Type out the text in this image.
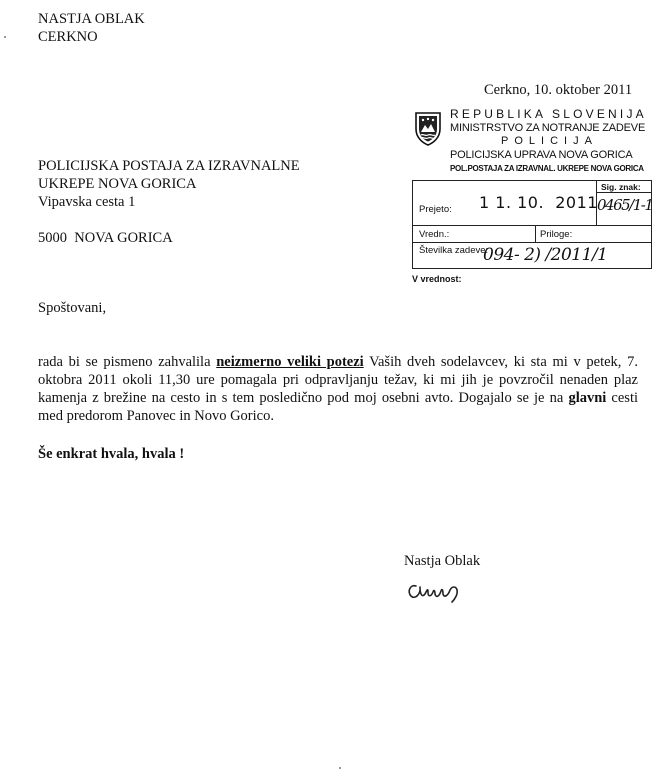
NASTJA OBLAK
CERKNO
Cerkno, 10. oktober 2011
REPUBLIKA SLOVENIJA
MINISTRSTVO ZA NOTRANJE ZADEVE
POLICIJA
POLICIJSKA UPRAVA NOVA GORICA
POL.POSTAJA ZA IZRAVNAL. UKREPE NOVA GORICA
Prejeto: 1 1. 10.  2011
Sig. znak:
0465/1-1
Vredn.:	Priloge:
Številka zadeve:
094- 2) /2011/1
V vrednost:
POLICIJSKA POSTAJA ZA IZRAVNALNE
UKREPE NOVA GORICA
Vipavska cesta 1
5000  NOVA GORICA
Spoštovani,
rada bi se pismeno zahvalila neizmerno veliki potezi Vaših dveh sodelavcev, ki sta mi v petek, 7. oktobra 2011 okoli 11,30 ure pomagala pri odpravljanju težav, ki mi jih je povzročil nenaden plaz kamenja z brežine na cesto in s tem posledično pod moj osebni avto. Dogajalo se je na glavni cesti med predorom Panovec in Novo Gorico.
Še enkrat hvala, hvala !
Nastja Oblak
